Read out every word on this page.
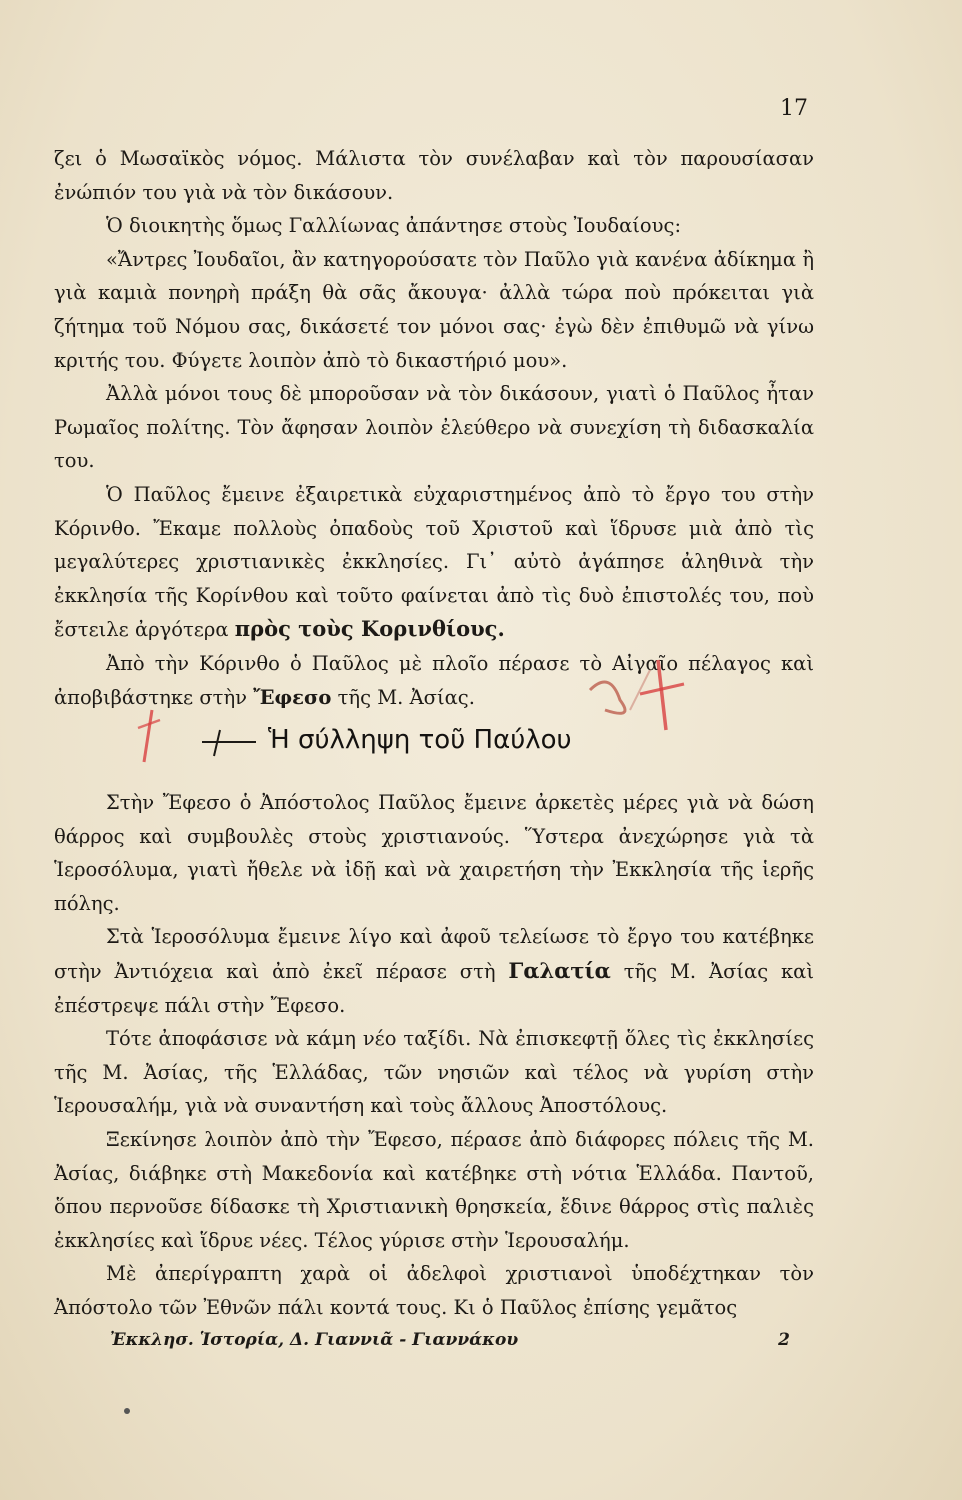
17

ζει ὁ Μωσαϊκὸς νόμος. Μάλιστα τὸν συνέλαβαν καὶ τὸν παρουσίασαν ἐνώπιόν του γιὰ νὰ τὸν δικάσουν.

Ὁ διοικητὴς ὅμως Γαλλίωνας ἀπάντησε στοὺς Ἰουδαίους:

«Ἄντρες Ἰουδαῖοι, ἂν κατηγορούσατε τὸν Παῦλο γιὰ κανένα ἀδίκημα ἢ γιὰ καμιὰ πονηρὴ πράξη θὰ σᾶς ἄκουγα· ἀλλὰ τώρα ποὺ πρόκειται γιὰ ζήτημα τοῦ Νόμου σας, δικάσετέ τον μόνοι σας· ἐγὼ δὲν ἐπιθυμῶ νὰ γίνω κριτής του. Φύγετε λοιπὸν ἀπὸ τὸ δικαστήριό μου».

Ἀλλὰ μόνοι τους δὲ μποροῦσαν νὰ τὸν δικάσουν, γιατὶ ὁ Παῦλος ἦταν Ρωμαῖος πολίτης. Τὸν ἄφησαν λοιπὸν ἐλεύθερο νὰ συνεχίση τὴ διδασκαλία του.

Ὁ Παῦλος ἔμεινε ἐξαιρετικὰ εὐχαριστημένος ἀπὸ τὸ ἔργο του στὴν Κόρινθο. Ἔκαμε πολλοὺς ὀπαδοὺς τοῦ Χριστοῦ καὶ ἵδρυσε μιὰ ἀπὸ τὶς μεγαλύτερες χριστιανικὲς ἐκκλησίες. Γι᾿ αὐτὸ ἀγάπησε ἀληθινὰ τὴν ἐκκλησία τῆς Κορίνθου καὶ τοῦτο φαίνεται ἀπὸ τὶς δυὸ ἐπιστολές του, ποὺ ἔστειλε ἀργότερα πρὸς τοὺς Κορινθίους.

Ἀπὸ τὴν Κόρινθο ὁ Παῦλος μὲ πλοῖο πέρασε τὸ Αἰγαῖο πέλαγος καὶ ἀποβιβάστηκε στὴν Ἔφεσο τῆς Μ. Ἀσίας.

Ἡ σύλληψη τοῦ Παύλου

Στὴν Ἔφεσο ὁ Ἀπόστολος Παῦλος ἔμεινε ἀρκετὲς μέρες γιὰ νὰ δώση θάρρος καὶ συμβουλὲς στοὺς χριστιανούς. Ὕστερα ἀνεχώρησε γιὰ τὰ Ἱεροσόλυμα, γιατὶ ἤθελε νὰ ἰδῇ καὶ νὰ χαιρετήση τὴν Ἐκκλησία τῆς ἱερῆς πόλης.

Στὰ Ἱεροσόλυμα ἔμεινε λίγο καὶ ἀφοῦ τελείωσε τὸ ἔργο του κατέβηκε στὴν Ἀντιόχεια καὶ ἀπὸ ἐκεῖ πέρασε στὴ Γαλατία τῆς Μ. Ἀσίας καὶ ἐπέστρεψε πάλι στὴν Ἔφεσο.

Τότε ἀποφάσισε νὰ κάμη νέο ταξίδι. Νὰ ἐπισκεφτῇ ὅλες τὶς ἐκκλησίες τῆς Μ. Ἀσίας, τῆς Ἑλλάδας, τῶν νησιῶν καὶ τέλος νὰ γυρίση στὴν Ἱερουσαλήμ, γιὰ νὰ συναντήση καὶ τοὺς ἄλλους Ἀποστόλους.

Ξεκίνησε λοιπὸν ἀπὸ τὴν Ἔφεσο, πέρασε ἀπὸ διάφορες πόλεις τῆς Μ. Ἀσίας, διάβηκε στὴ Μακεδονία καὶ κατέβηκε στὴ νότια Ἑλλάδα. Παντοῦ, ὅπου περνοῦσε δίδασκε τὴ Χριστιανικὴ θρησκεία, ἔδινε θάρρος στὶς παλιὲς ἐκκλησίες καὶ ἵδρυε νέες. Τέλος γύρισε στὴν Ἱερουσαλήμ.

Μὲ ἀπερίγραπτη χαρὰ οἱ ἀδελφοὶ χριστιανοὶ ὑποδέχτηκαν τὸν Ἀπόστολο τῶν Ἐθνῶν πάλι κοντά τους. Κι ὁ Παῦλος ἐπίσης γεμᾶτος

Ἐκκλησ. Ἱστορία, Δ. Γιαννιᾶ - Γιαννάκου	2
